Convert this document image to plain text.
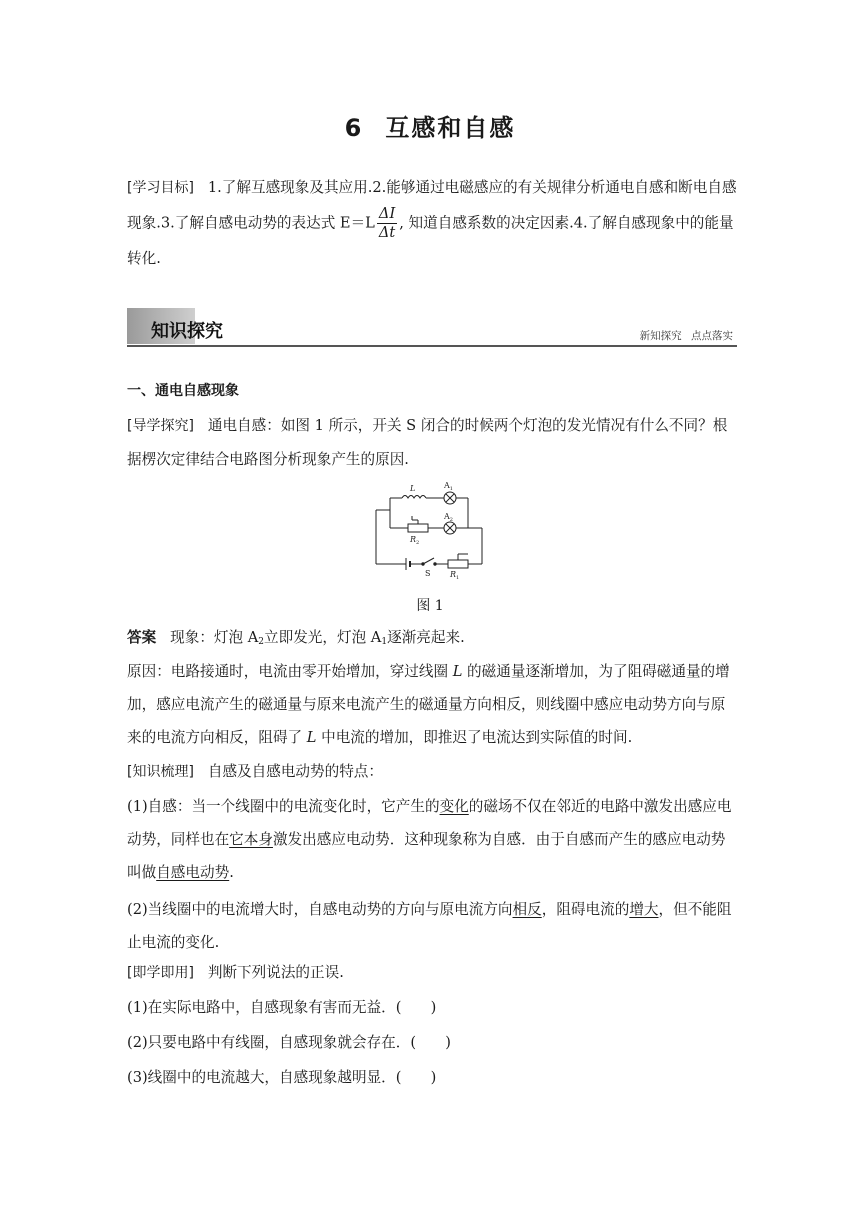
6 互感和自感
[学习目标] 1.了解互感现象及其应用.2.能够通过电磁感应的有关规律分析通电自感和断电自感现象.3.了解自感电动势的表达式 $E=L \frac{\Delta I}{\Delta t}$ , 知道自感系数的决定因素.4.了解自感现象中的能量转化.
知识探究	新知探究 点点落实
一、通电自感现象
[导学探究] 通电自感：如图 1 所示，开关 S 闭合的时候两个灯泡的发光情况有什么不同？根据楞次定律结合电路图分析现象产生的原因.
L	$A_1$
$A_2$
$R_2$
$R_1$
S
图 1
答案 现象：灯泡 $A_2$立即发光，灯泡 $A_1$逐渐亮起来.
原因：电路接通时，电流由零开始增加，穿过线圈 L 的磁通量逐渐增加，为了阻碍磁通量的增加，感应电流产生的磁通量与原来电流产生的磁通量方向相反，则线圈中感应电动势方向与原来的电流方向相反，阻碍了 L 中电流的增加，即推迟了电流达到实际值的时间.
[知识梳理] 自感及自感电动势的特点：
(1)自感：当一个线圈中的电流变化时，它产生的变化的磁场不仅在邻近的电路中激发出感应电动势，同样也在它本身激发出感应电动势．这种现象称为自感．由于自感而产生的感应电动势叫做自感电动势.
(2)当线圈中的电流增大时，自感电动势的方向与原电流方向相反，阻碍电流的增大，但不能阻止电流的变化.
[即学即用] 判断下列说法的正误.
(1)在实际电路中，自感现象有害而无益．(　　)
(2)只要电路中有线圈，自感现象就会存在．(　　)
(3)线圈中的电流越大，自感现象越明显．(　　)
